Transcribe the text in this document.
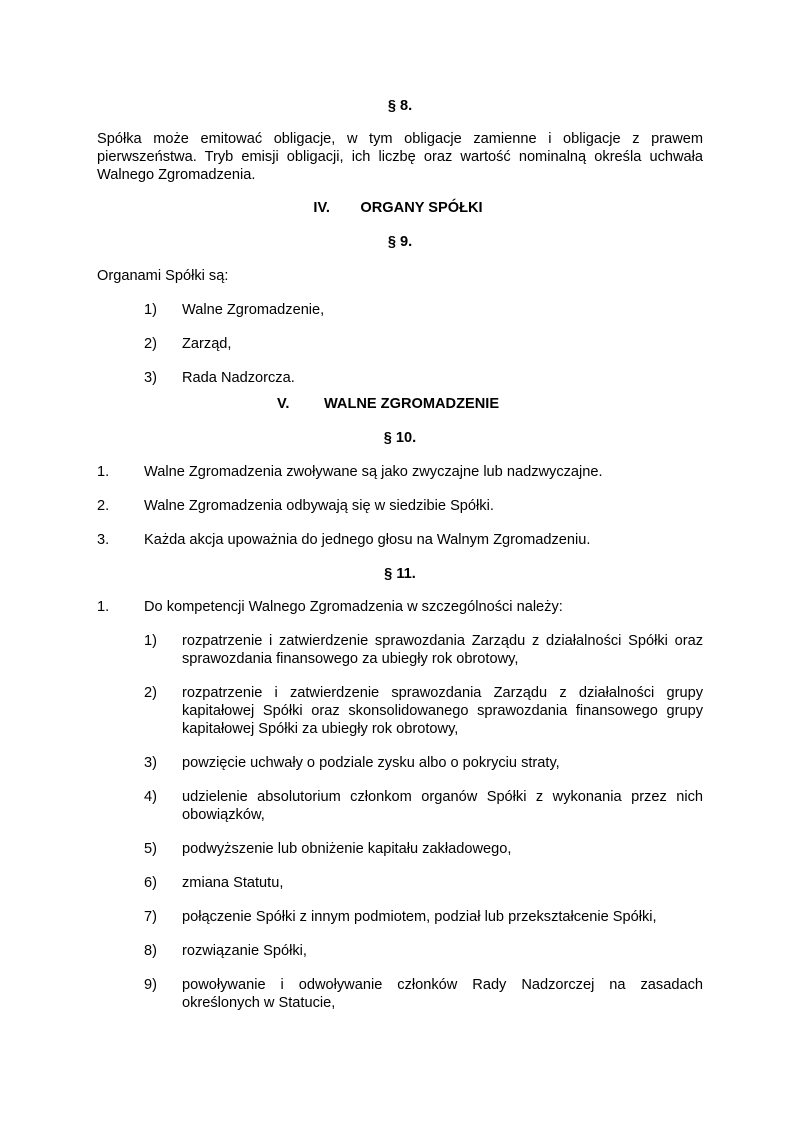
§ 8.

Spółka może emitować obligacje, w tym obligacje zamienne i obligacje z prawem pierwszeństwa. Tryb emisji obligacji, ich liczbę oraz wartość nominalną określa uchwała Walnego Zgromadzenia.

IV.	ORGANY SPÓŁKI

§ 9.

Organami Spółki są:

1)	Walne Zgromadzenie,
2)	Zarząd,
3)	Rada Nadzorcza.

V.	WALNE ZGROMADZENIE

§ 10.

1.	Walne Zgromadzenia zwoływane są jako zwyczajne lub nadzwyczajne.
2.	Walne Zgromadzenia odbywają się w siedzibie Spółki.
3.	Każda akcja upoważnia do jednego głosu na Walnym Zgromadzeniu.

§ 11.

1.	Do kompetencji Walnego Zgromadzenia w szczególności należy:
1)	rozpatrzenie i zatwierdzenie sprawozdania Zarządu z działalności Spółki oraz sprawozdania finansowego za ubiegły rok obrotowy,
2)	rozpatrzenie i zatwierdzenie sprawozdania Zarządu z działalności grupy kapitałowej Spółki oraz skonsolidowanego sprawozdania finansowego grupy kapitałowej Spółki za ubiegły rok obrotowy,
3)	powzięcie uchwały o podziale zysku albo o pokryciu straty,
4)	udzielenie absolutorium członkom organów Spółki z wykonania przez nich obowiązków,
5)	podwyższenie lub obniżenie kapitału zakładowego,
6)	zmiana Statutu,
7)	połączenie Spółki z innym podmiotem, podział lub przekształcenie Spółki,
8)	rozwiązanie Spółki,
9)	powoływanie i odwoływanie członków Rady Nadzorczej na zasadach określonych w Statucie,
